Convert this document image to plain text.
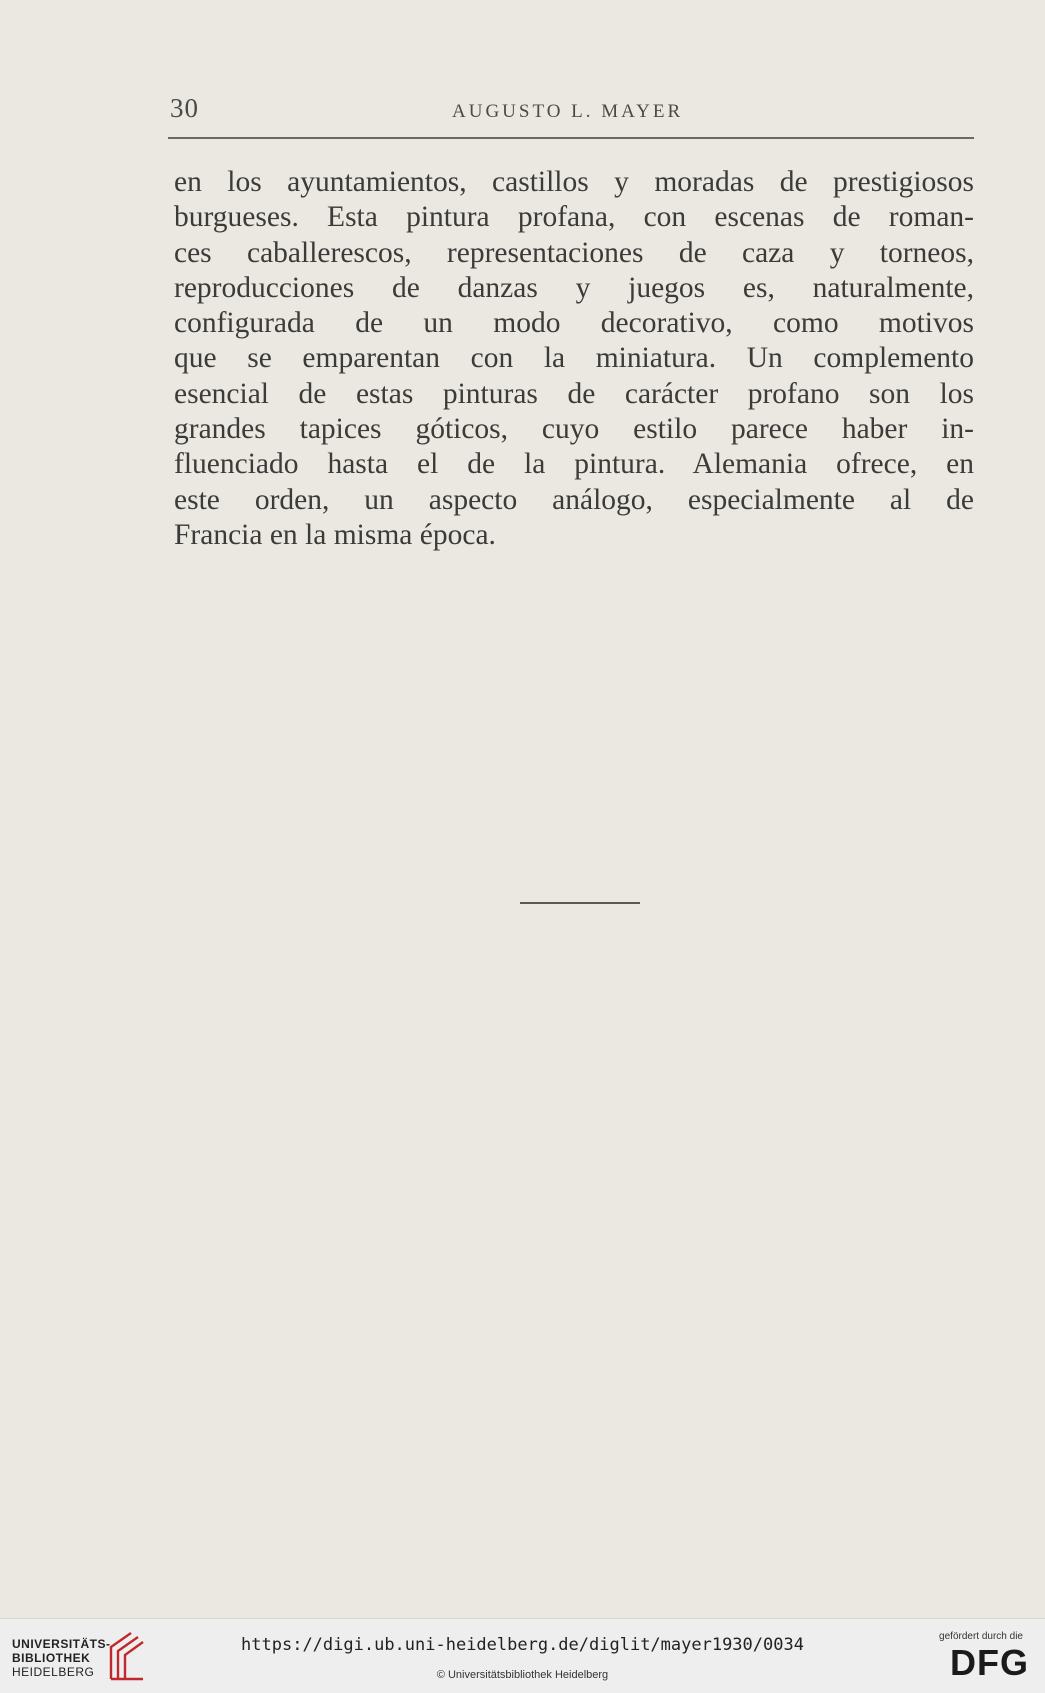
30	AUGUSTO L. MAYER
en los ayuntamientos, castillos y moradas de prestigiosos
burgueses. Esta pintura profana, con escenas de roman-
ces caballerescos, representaciones de caza y torneos,
reproducciones de danzas y juegos es, naturalmente,
configurada de un modo decorativo, como motivos
que se emparentan con la miniatura. Un complemento
esencial de estas pinturas de carácter profano son los
grandes tapices góticos, cuyo estilo parece haber in-
fluenciado hasta el de la pintura. Alemania ofrece, en
este orden, un aspecto análogo, especialmente al de
Francia en la misma época.
UNIVERSITÄTS-
BIBLIOTHEK
HEIDELBERG
https://digi.ub.uni-heidelberg.de/diglit/mayer1930/0034
© Universitätsbibliothek Heidelberg
gefördert durch die
DFG
